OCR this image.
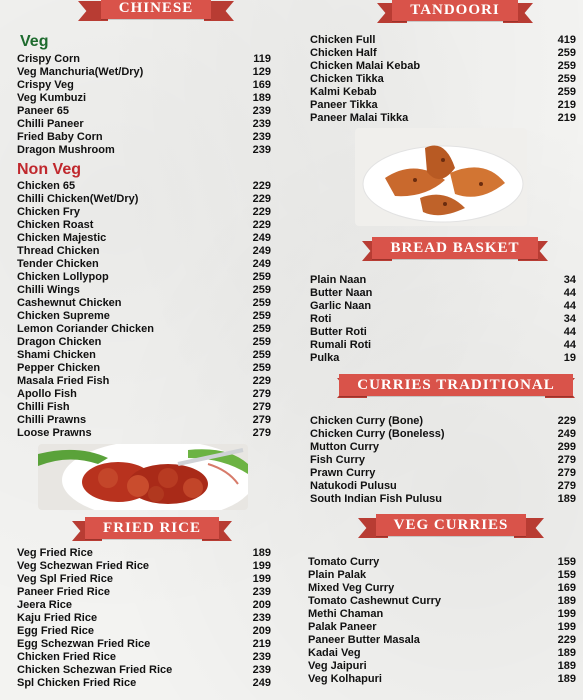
CHINESE
Veg
Crispy Corn	119
Veg Manchuria(Wet/Dry)	129
Crispy Veg	169
Veg Kumbuzi	189
Paneer 65	239
Chilli Paneer	239
Fried Baby Corn	239
Dragon Mushroom	239
Non Veg
Chicken 65	229
Chilli Chicken(Wet/Dry)	229
Chicken Fry	229
Chicken Roast	229
Chicken Majestic	249
Thread Chicken	249
Tender Chicken	249
Chicken Lollypop	259
Chilli Wings	259
Cashewnut Chicken	259
Chicken Supreme	259
Lemon Coriander Chicken	259
Dragon Chicken	259
Shami Chicken	259
Pepper Chicken	259
Masala Fried Fish	229
Apollo Fish	279
Chilli Fish	279
Chilli Prawns	279
Loose Prawns	279
FRIED RICE
Veg Fried Rice	189
Veg Schezwan Fried Rice	199
Veg Spl Fried Rice	199
Paneer Fried Rice	239
Jeera Rice	209
Kaju Fried Rice	239
Egg Fried Rice	209
Egg Schezwan Fried Rice	219
Chicken Fried Rice	239
Chicken Schezwan Fried Rice	239
Spl Chicken Fried Rice	249
TANDOORI
Chicken Full	419
Chicken Half	259
Chicken Malai Kebab	259
Chicken Tikka	259
Kalmi Kebab	259
Paneer Tikka	219
Paneer Malai Tikka	219
BREAD BASKET
Plain Naan	34
Butter Naan	44
Garlic Naan	44
Roti	34
Butter Roti	44
Rumali Roti	44
Pulka	19
CURRIES TRADITIONAL
Chicken Curry (Bone)	229
Chicken Curry (Boneless)	249
Mutton Curry	299
Fish Curry	279
Prawn Curry	279
Natukodi Pulusu	279
South Indian Fish Pulusu	189
VEG CURRIES
Tomato Curry	159
Plain Palak	159
Mixed Veg Curry	169
Tomato Cashewnut Curry	189
Methi Chaman	199
Palak Paneer	199
Paneer Butter Masala	229
Kadai Veg	189
Veg Jaipuri	189
Veg Kolhapuri	189
